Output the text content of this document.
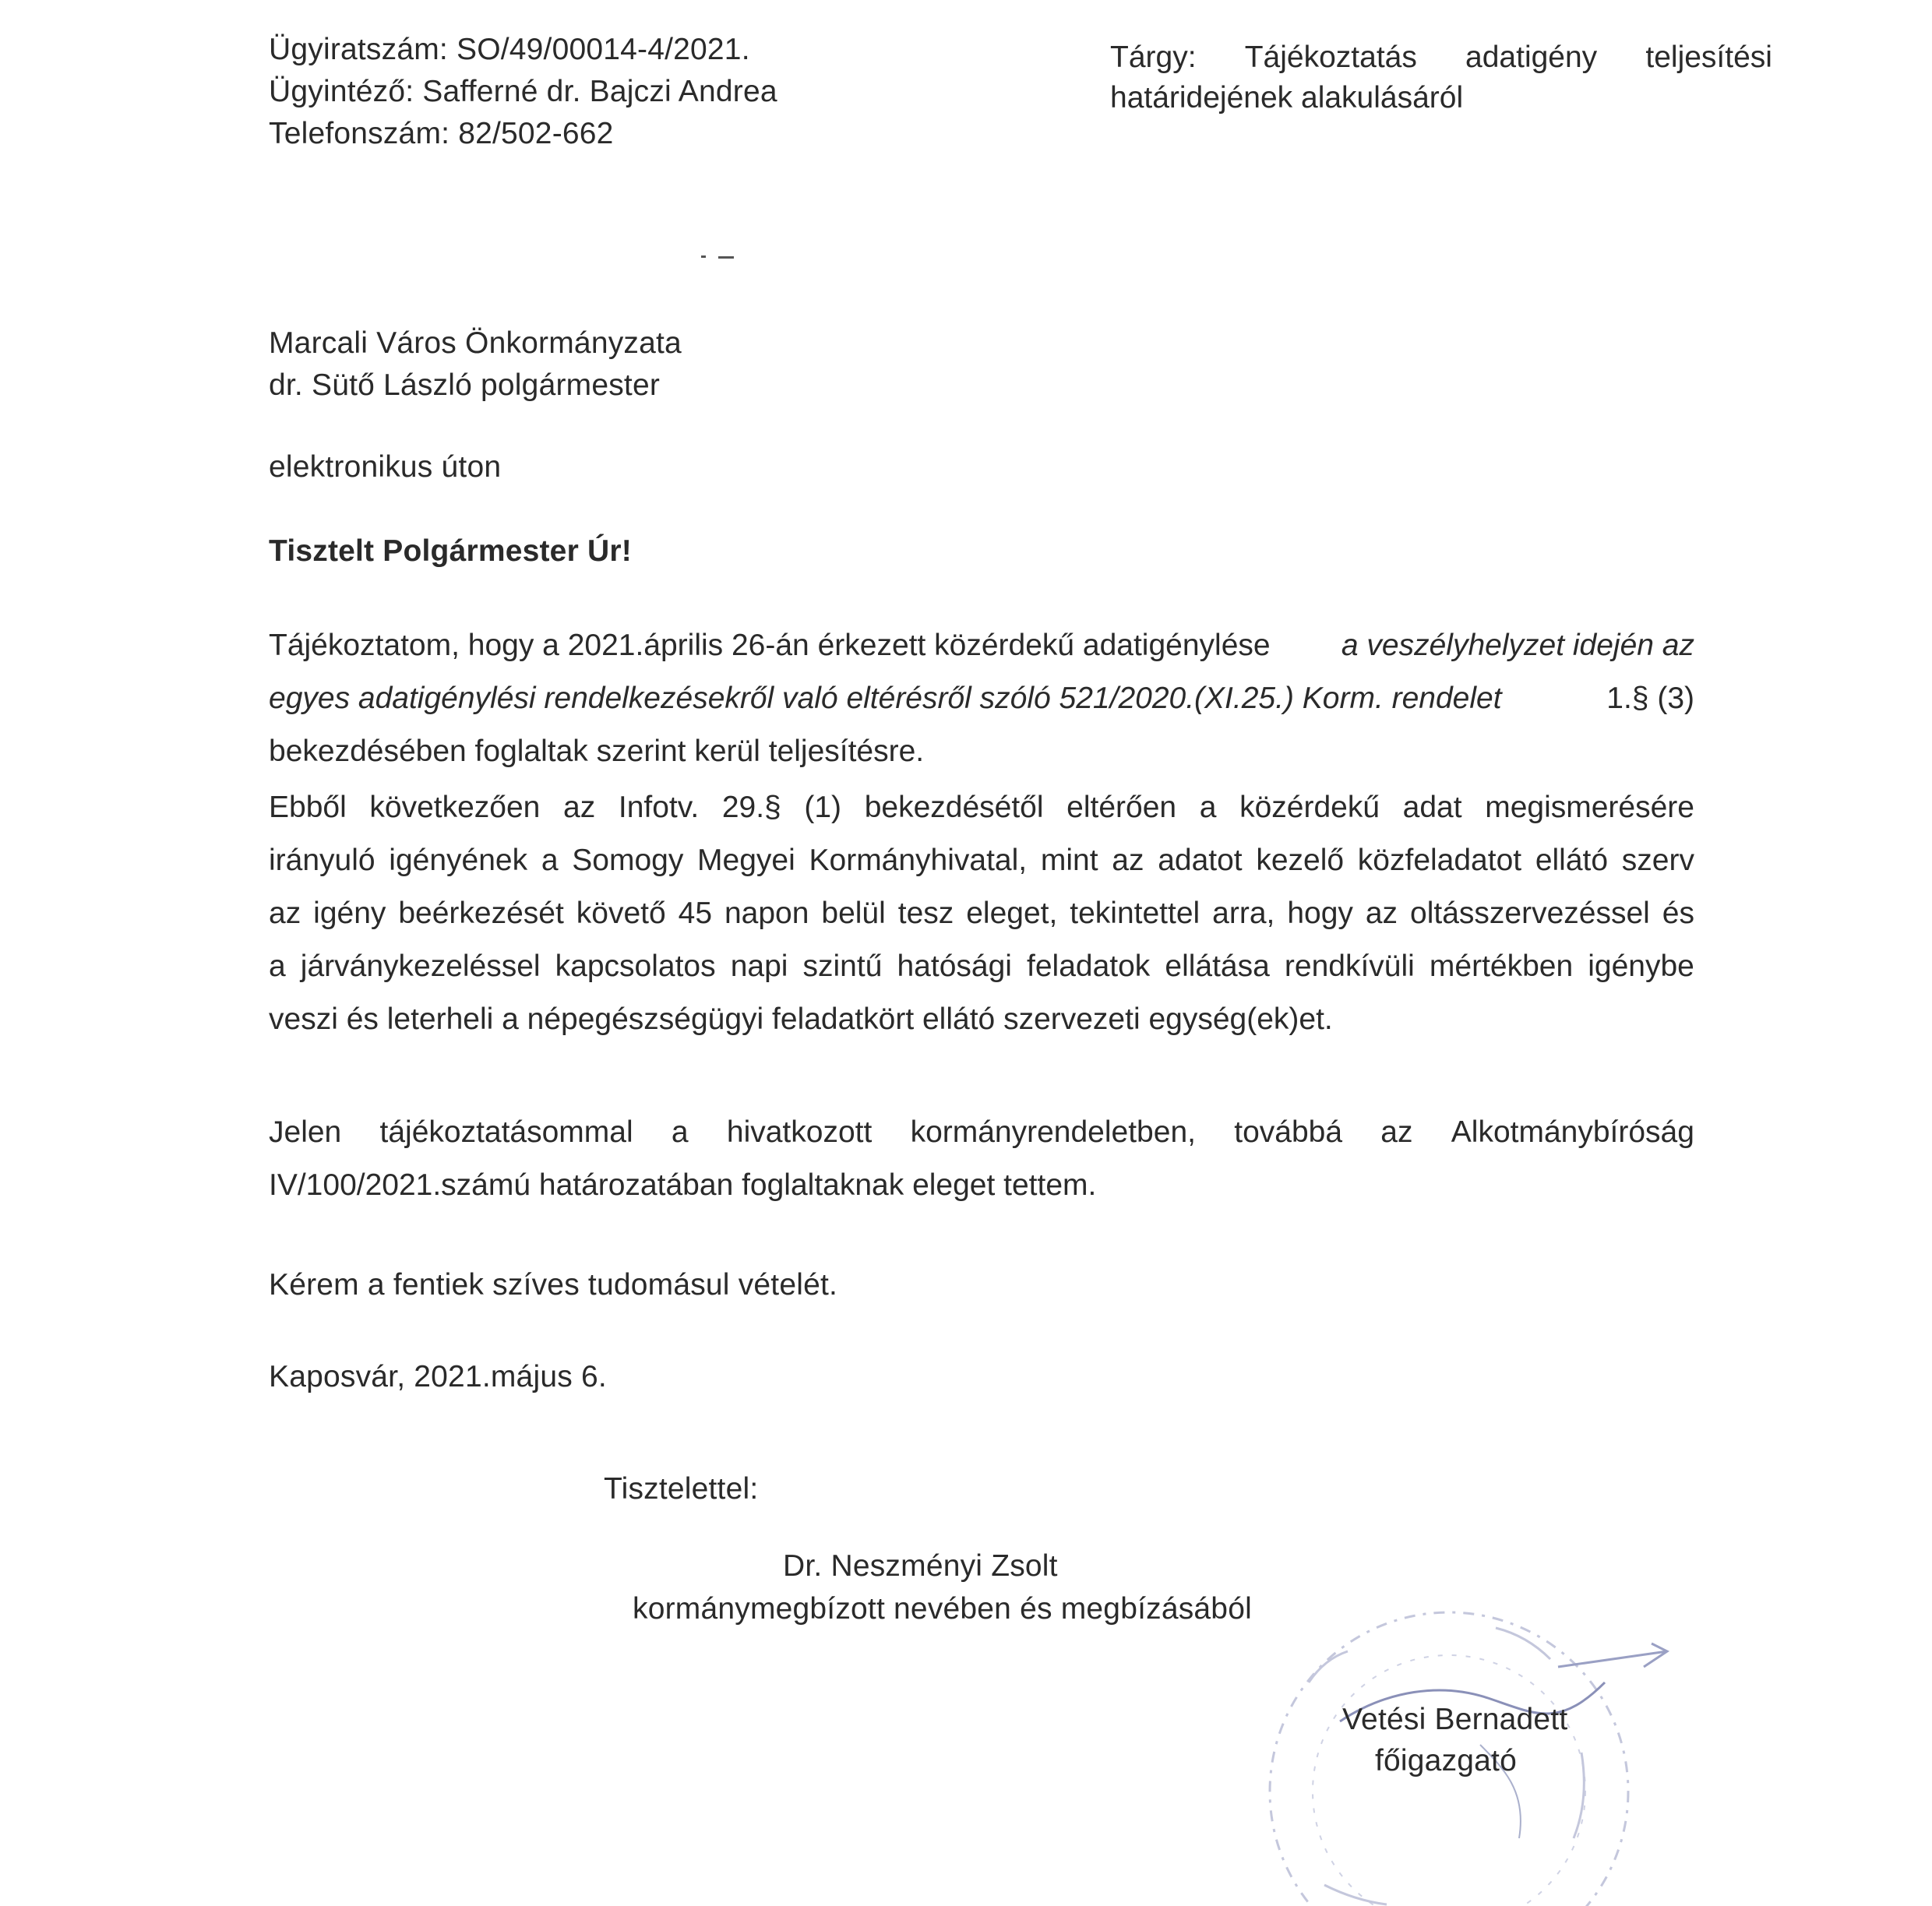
Ügyiratszám: SO/49/00014-4/2021.
Ügyintéző: Safferné dr. Bajczi Andrea
Telefonszám: 82/502-662
Tárgy: Tájékoztatás adatigény teljesítési
határidejének alakulásáról
Marcali Város Önkormányzata
dr. Sütő László polgármester
elektronikus úton
Tisztelt Polgármester Úr!
Tájékoztatom, hogy a 2021.április 26-án érkezett közérdekű adatigénylése a veszélyhelyzet idején az
egyes adatigénylési rendelkezésekről való eltérésről szóló 521/2020.(XI.25.) Korm. rendelet	1.§ (3)
bekezdésében foglaltak szerint kerül teljesítésre.
Ebből következően az Infotv. 29.§ (1) bekezdésétől eltérően a közérdekű adat megismerésére
irányuló igényének a Somogy Megyei Kormányhivatal, mint az adatot kezelő közfeladatot ellátó szerv
az igény beérkezését követő 45 napon belül tesz eleget, tekintettel arra, hogy az oltásszervezéssel és
a járványkezeléssel kapcsolatos napi szintű hatósági feladatok ellátása rendkívüli mértékben igénybe
veszi és leterheli a népegészségügyi feladatkört ellátó szervezeti egység(ek)et.
Jelen tájékoztatásommal a hivatkozott kormányrendeletben, továbbá az Alkotmánybíróság
IV/100/2021.számú határozatában foglaltaknak eleget tettem.
Kérem a fentiek szíves tudomásul vételét.
Kaposvár, 2021.május 6.
Tisztelettel:
Dr. Neszményi Zsolt
kormánymegbízott nevében és megbízásából
Vetési Bernadett
főigazgató
